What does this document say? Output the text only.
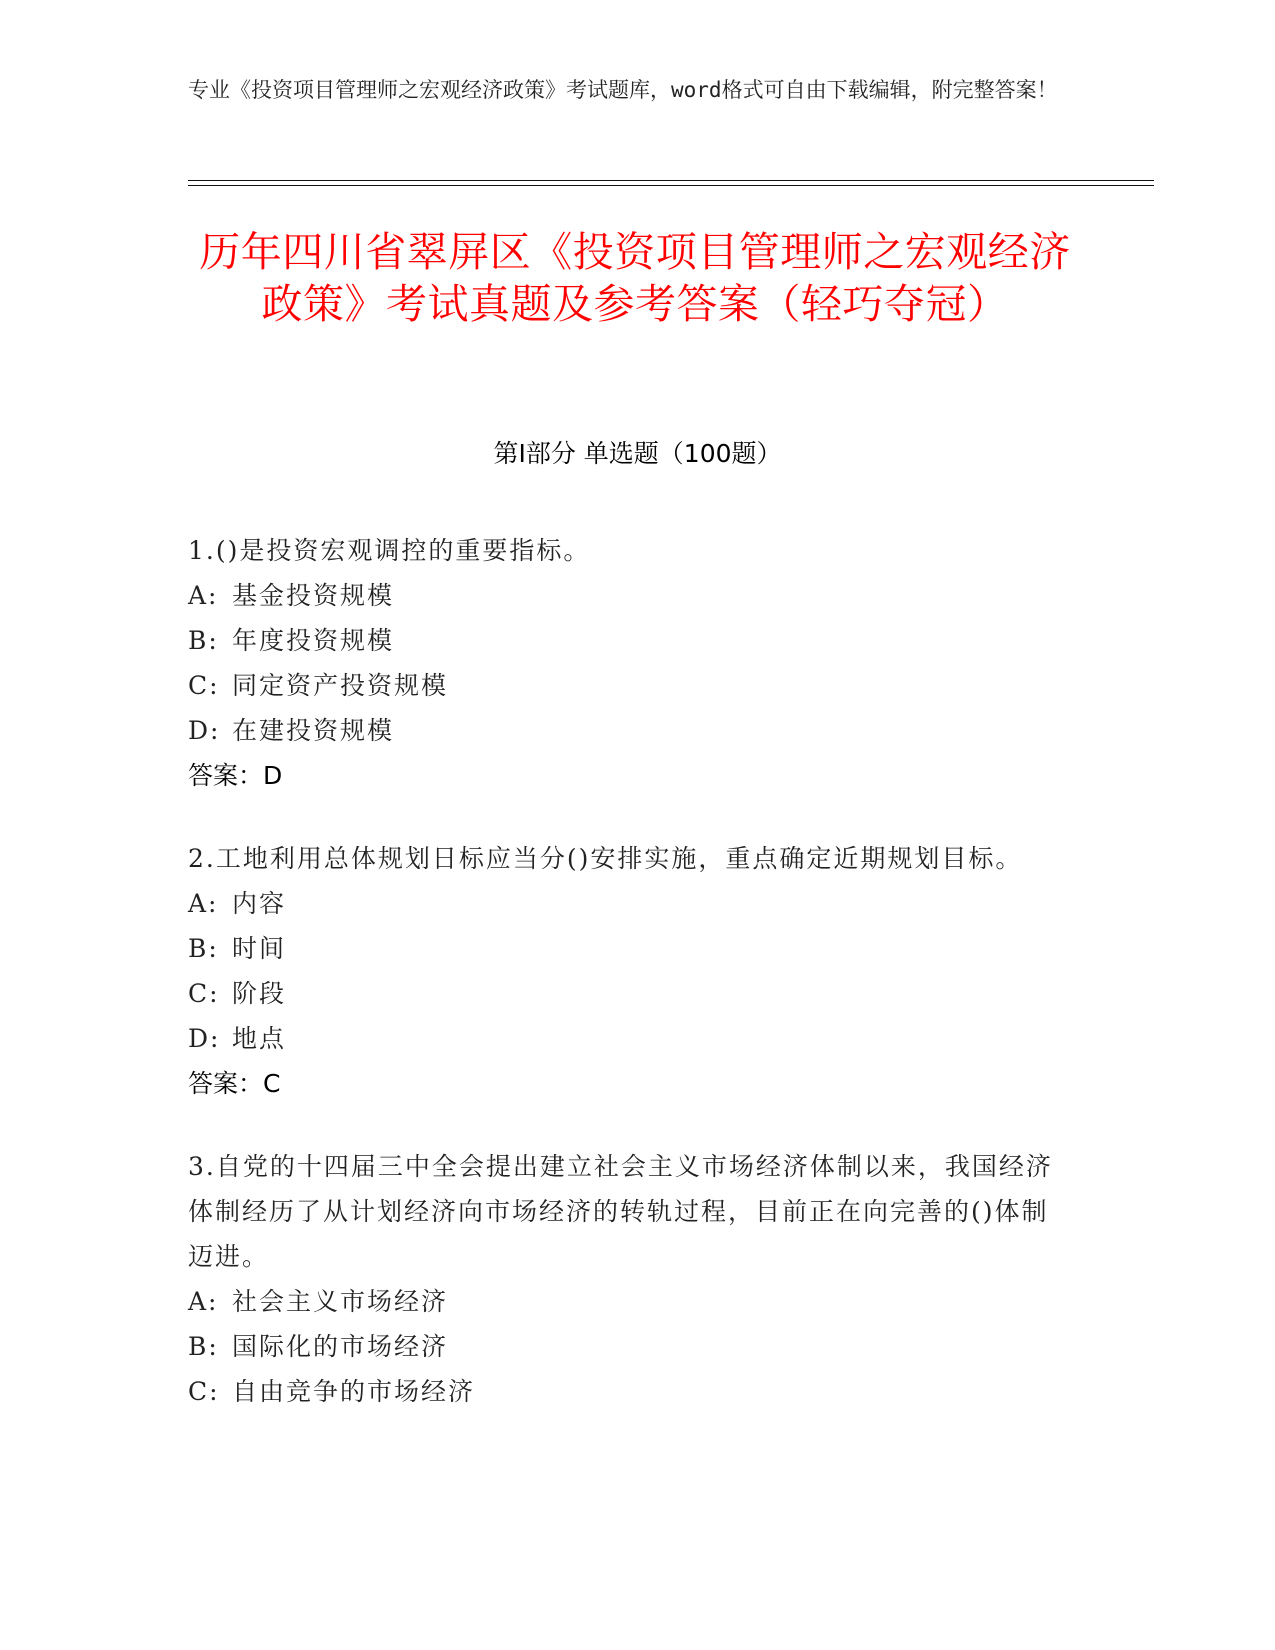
专业《投资项目管理师之宏观经济政策》考试题库，word格式可自由下载编辑，附完整答案！
历年四川省翠屏区《投资项目管理师之宏观经济政策》考试真题及参考答案（轻巧夺冠）
第Ⅰ部分 单选题（100题）

1.()是投资宏观调控的重要指标。

A: 基金投资规模
B: 年度投资规模
C: 同定资产投资规模
D: 在建投资规模
答案：D

2.工地利用总体规划日标应当分()安排实施，重点确定近期规划目标。

A: 内容
B: 时间
C: 阶段
D: 地点
答案：C

3.自党的十四届三中全会提出建立社会主义市场经济体制以来，我国经济体制经历了从计划经济向市场经济的转轨过程，目前正在向完善的()体制迈进。

A: 社会主义市场经济
B: 国际化的市场经济
C: 自由竞争的市场经济
